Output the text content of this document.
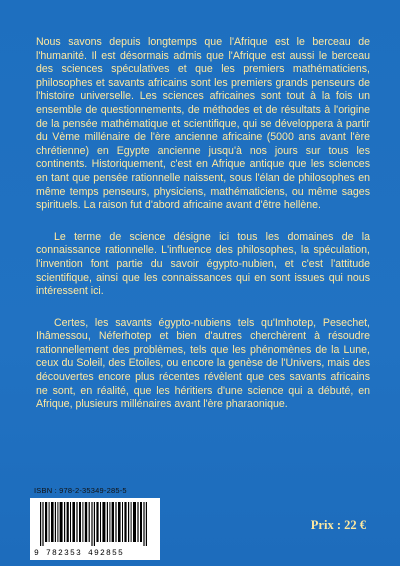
Nous savons depuis longtemps que l'Afrique est le berceau de l'humanité. Il est désormais admis que l'Afrique est aussi le berceau des sciences spéculatives et que les premiers mathématiciens, philosophes et savants africains sont les premiers grands penseurs de l'histoire universelle. Les sciences africaines sont tout à la fois un ensemble de questionnements, de méthodes et de résultats à l'origine de la pensée mathématique et scientifique, qui se développera à partir du Vème millénaire de l'ère ancienne africaine (5000 ans avant l'ère chrétienne) en Egypte ancienne jusqu'à nos jours sur tous les continents. Historiquement, c'est en Afrique antique que les sciences en tant que pensée rationnelle naissent, sous l'élan de philosophes en même temps penseurs, physiciens, mathématiciens, ou même sages spirituels. La raison fut d'abord africaine avant d'être hellène.

Le terme de science désigne ici tous les domaines de la connaissance rationnelle. L'influence des philosophes, la spéculation, l'invention font partie du savoir égypto-nubien, et c'est l'attitude scientifique, ainsi que les connaissances qui en sont issues qui nous intéressent ici.

Certes, les savants égypto-nubiens tels qu'Imhotep, Pesechet, Ihâmessou, Néferhotep et bien d'autres cherchèrent à résoudre rationnellement des problèmes, tels que les phénomènes de la Lune, ceux du Soleil, des Etoiles, ou encore la genèse de l'Univers, mais des découvertes encore plus récentes révèlent que ces savants africains ne sont, en réalité, que les héritiers d'une science qui a débuté, en Afrique, plusieurs millénaires avant l'ère pharaonique.

ISBN : 978-2-35349-285-5
9 782353 492855
Prix : 22 €
